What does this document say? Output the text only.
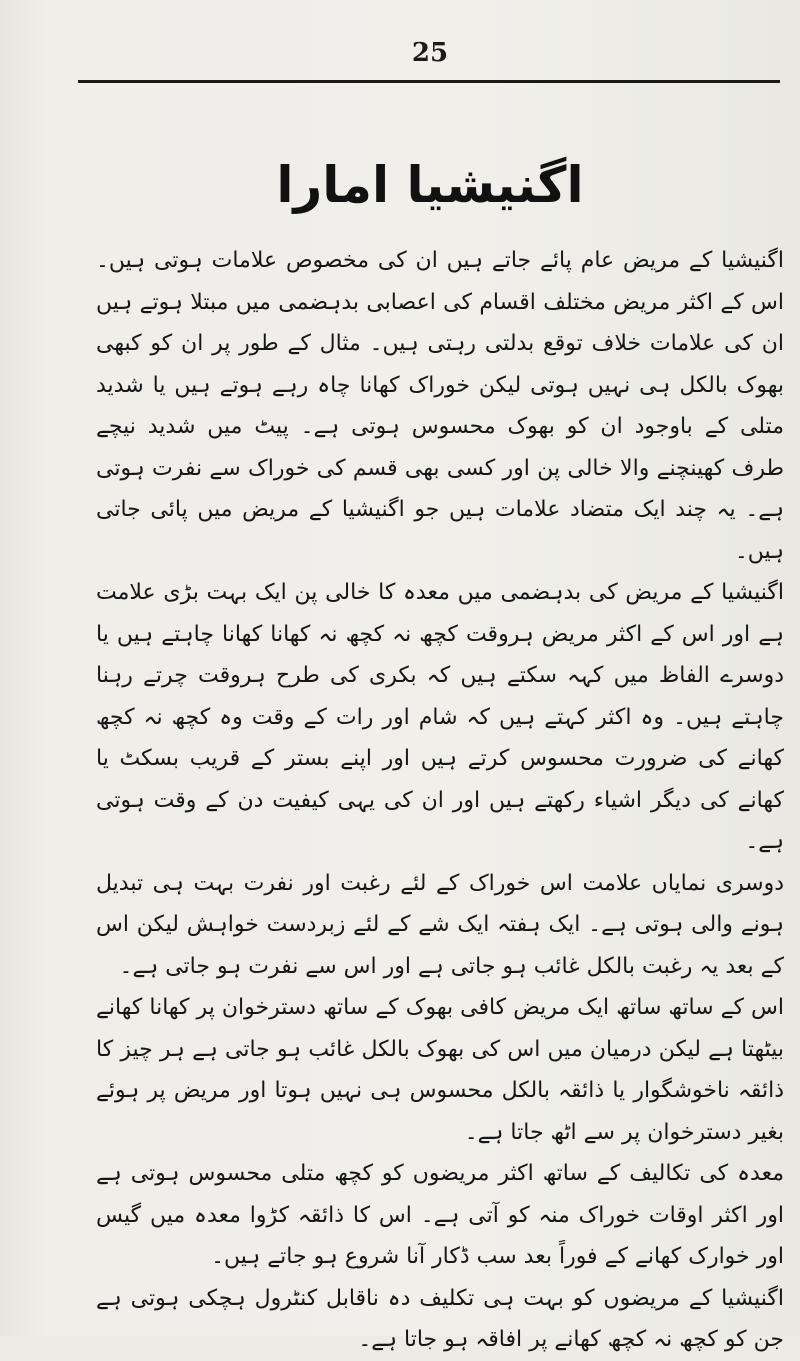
25
اگنیشیا امارا

اگنیشیا کے مریض عام پائے جاتے ہیں ان کی مخصوص علامات ہوتی ہیں۔ اس کے اکثر مریض مختلف اقسام کی اعصابی بدہضمی میں مبتلا ہوتے ہیں ان کی علامات خلاف توقع بدلتی رہتی ہیں۔ مثال کے طور پر ان کو کبھی بھوک بالکل ہی نہیں ہوتی لیکن خوراک کھانا چاہ رہے ہوتے ہیں یا شدید متلی کے باوجود ان کو بھوک محسوس ہوتی ہے۔ پیٹ میں شدید نیچے طرف کھینچنے والا خالی پن اور کسی بھی قسم کی خوراک سے نفرت ہوتی ہے۔ یہ چند ایک متضاد علامات ہیں جو اگنیشیا کے مریض میں پائی جاتی ہیں۔

اگنیشیا کے مریض کی بدہضمی میں معدہ کا خالی پن ایک بہت بڑی علامت ہے اور اس کے اکثر مریض ہروقت کچھ نہ کچھ نہ کھانا کھانا چاہتے ہیں یا دوسرے الفاظ میں کہہ سکتے ہیں کہ بکری کی طرح ہروقت چرتے رہنا چاہتے ہیں۔ وہ اکثر کہتے ہیں کہ شام اور رات کے وقت وہ کچھ نہ کچھ کھانے کی ضرورت محسوس کرتے ہیں اور اپنے بستر کے قریب بسکٹ یا کھانے کی دیگر اشیاء رکھتے ہیں اور ان کی یہی کیفیت دن کے وقت ہوتی ہے۔

دوسری نمایاں علامت اس خوراک کے لئے رغبت اور نفرت بہت ہی تبدیل ہونے والی ہوتی ہے۔ ایک ہفتہ ایک شے کے لئے زبردست خواہش لیکن اس کے بعد یہ رغبت بالکل غائب ہو جاتی ہے اور اس سے نفرت ہو جاتی ہے۔

اس کے ساتھ ساتھ ایک مریض کافی بھوک کے ساتھ دسترخوان پر کھانا کھانے بیٹھتا ہے لیکن درمیان میں اس کی بھوک بالکل غائب ہو جاتی ہے ہر چیز کا ذائقہ ناخوشگوار یا ذائقہ بالکل محسوس ہی نہیں ہوتا اور مریض پر ہوئے بغیر دسترخوان پر سے اٹھ جاتا ہے۔

معدہ کی تکالیف کے ساتھ اکثر مریضوں کو کچھ متلی محسوس ہوتی ہے اور اکثر اوقات خوراک منہ کو آتی ہے۔ اس کا ذائقہ کڑوا معدہ میں گیس اور خوارک کھانے کے فوراً بعد سب ڈکار آنا شروع ہو جاتے ہیں۔

اگنیشیا کے مریضوں کو بہت ہی تکلیف دہ ناقابل کنٹرول ہچکی ہوتی ہے جن کو کچھ نہ کچھ کھانے پر افاقہ ہو جاتا ہے۔
